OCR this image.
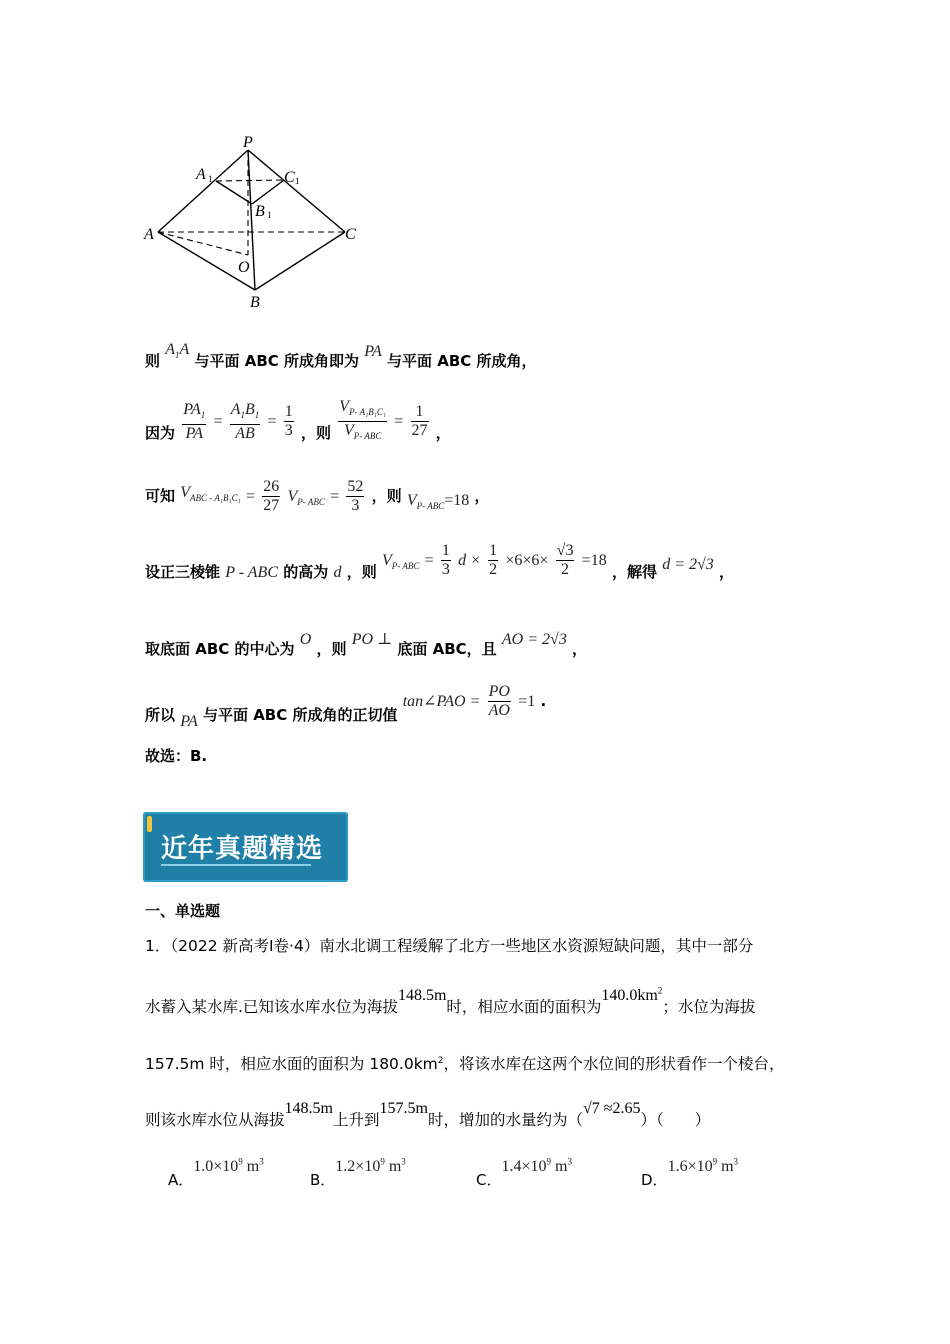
P
A	C
B
O
A	C
B
1	1
1
则 $A_1A$ 与平面 ABC 所成角即为 PA 与平面 ABC 所成角，
因为 $\frac{PA_1}{PA} = \frac{A_1B_1}{AB} = \frac{1}{3}$ ，则 $\frac{V_{P- A_1B_1C_1}}{V_{P- ABC}} = \frac{1}{27}$ ，
可知 $V_{ABC - A_1B_1C_1} = \frac{26}{27} V_{P- ABC} = \frac{52}{3}$ ，则 $V_{P- ABC}=18$ ，
设正三棱锥 P - ABC 的高为 d ，则 $V_{P- ABC} = \frac{1}{3}$ $d \times \frac{1}{2} \times 6\times 6\times \frac{√3}{2} =18$ ，解得 d = 2√3 ，
取底面 ABC 的中心为 O ，则 PO ⊥ 底面 ABC，且 AO = 2√3 ，
所以 PA 与平面 ABC 所成角的正切值 tan∠PAO = $\frac{PO}{AO} =1$ .
故选：B.
近年真题精选
一、单选题
1．（2022 新高考Ⅰ卷·4）南水北调工程缓解了北方一些地区水资源短缺问题，其中一部分
水蓄入某水库.已知该水库水位为海拔148.5m时，相应水面的面积为$140.0km^2$；水位为海拔
157.5m 时，相应水面的面积为 $180.0km^2$，将该水库在这两个水位间的形状看作一个棱台，
则该水库水位从海拔148.5m上升到157.5m时，增加的水量约为（√7 ≈2.65）（　　）
A．$1.0\times 10^9$ $m^3$
B．$1.2\times 10^9$ $m^3$
C．$1.4\times 10^9$ $m^3$
D．$1.6\times 10^9$ $m^3$
